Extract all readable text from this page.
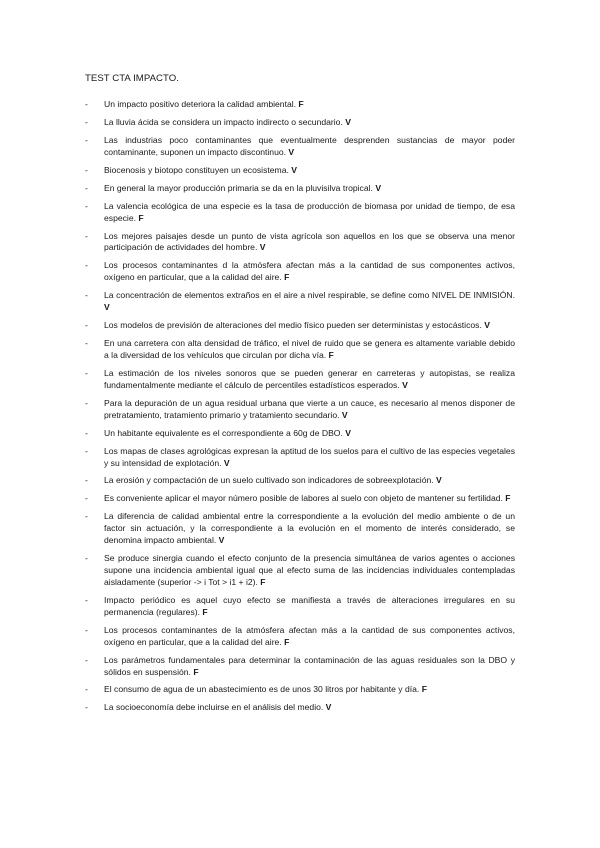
TEST CTA IMPACTO.
- Un impacto positivo deteriora la calidad ambiental. F
- La lluvia ácida se considera un impacto indirecto o secundario. V
- Las industrias poco contaminantes que eventualmente desprenden sustancias de mayor poder contaminante, suponen un impacto discontinuo. V
- Biocenosis y biotopo constituyen un ecosistema. V
- En general la mayor producción primaria se da en la pluvisilva tropical. V
- La valencia ecológica de una especie es la tasa de producción de biomasa por unidad de tiempo, de esa especie. F
- Los mejores paisajes desde un punto de vista agrícola son aquellos en los que se observa una menor participación de actividades del hombre. V
- Los procesos contaminantes d la atmósfera afectan más a la cantidad de sus componentes activos, oxígeno en particular, que a la calidad del aire. F
- La concentración de elementos extraños en el aire a nivel respirable, se define como NIVEL DE INMISIÓN. V
- Los modelos de previsión de alteraciones del medio físico pueden ser deterministas y estocásticos. V
- En una carretera con alta densidad de tráfico, el nivel de ruido que se genera es altamente variable debido a la diversidad de los vehículos que circulan por dicha vía. F
- La estimación de los niveles sonoros que se pueden generar en carreteras y autopistas, se realiza fundamentalmente mediante el cálculo de percentiles estadísticos esperados. V
- Para la depuración de un agua residual urbana que vierte a un cauce, es necesario al menos disponer de pretratamiento, tratamiento primario y tratamiento secundario. V
- Un habitante equivalente es el correspondiente a 60g de DBO. V
- Los mapas de clases agrológicas expresan la aptitud de los suelos para el cultivo de las especies vegetales y su intensidad de explotación. V
- La erosión y compactación de un suelo cultivado son indicadores de sobreexplotación. V
- Es conveniente aplicar el mayor número posible de labores al suelo con objeto de mantener su fertilidad. F
- La diferencia de calidad ambiental entre la correspondiente a la evolución del medio ambiente o de un factor sin actuación, y la correspondiente a la evolución en el momento de interés considerado, se denomina impacto ambiental. V
- Se produce sinergia cuando el efecto conjunto de la presencia simultánea de varios agentes o acciones supone una incidencia ambiental igual que al efecto suma de las incidencias individuales contempladas aisladamente (superior -> i Tot > i1 + i2). F
- Impacto periódico es aquel cuyo efecto se manifiesta a través de alteraciones irregulares en su permanencia (regulares). F
- Los procesos contaminantes de la atmósfera afectan más a la cantidad de sus componentes activos, oxígeno en particular, que a la calidad del aire. F
- Los parámetros fundamentales para determinar la contaminación de las aguas residuales son la DBO y sólidos en suspensión. F
- El consumo de agua de un abastecimiento es de unos 30 litros por habitante y día. F
- La socioeconomía debe incluirse en el análisis del medio. V
